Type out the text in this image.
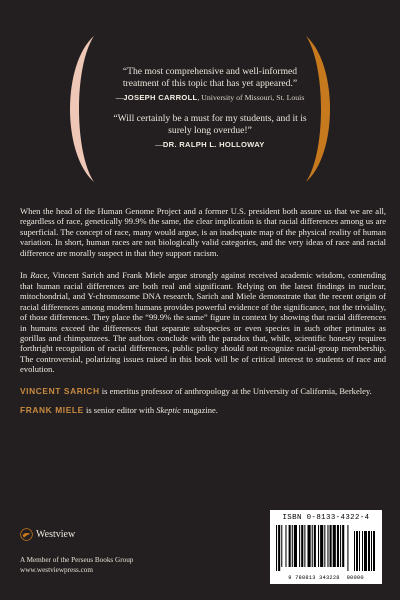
“The most comprehensive and well-informed treatment of this topic that has yet appeared.”

—JOSEPH CARROLL, University of Missouri, St. Louis

“Will certainly be a must for my students, and it is surely long overdue!”

—DR. RALPH L. HOLLOWAY

When the head of the Human Genome Project and a former U.S. president both assure us that we are all, regardless of race, genetically 99.9% the same, the clear implication is that racial differences among us are superficial. The concept of race, many would argue, is an inadequate map of the physical reality of human variation. In short, human races are not biologically valid categories, and the very ideas of race and racial difference are morally suspect in that they support racism.

In Race, Vincent Sarich and Frank Miele argue strongly against received academic wisdom, contending that human racial differences are both real and significant. Relying on the latest findings in nuclear, mitochondrial, and Y-chromosome DNA research, Sarich and Miele demonstrate that the recent origin of racial differences among modern humans provides powerful evidence of the significance, not the triviality, of those differences. They place the “99.9% the same” figure in context by showing that racial differences in humans exceed the differences that separate subspecies or even species in such other primates as gorillas and chimpanzees. The authors conclude with the paradox that, while, scientific honesty requires forthright recognition of racial differences, public policy should not recognize racial-group membership. The controversial, polarizing issues raised in this book will be of critical interest to students of race and evolution.

VINCENT SARICH is emeritus professor of anthropology at the University of California, Berkeley.

FRANK MIELE is senior editor with Skeptic magazine.

Westview
A Member of the Perseus Books Group
www.westviewpress.com
ISBN 0-8133-4322-4
9 780813 343228 90000
